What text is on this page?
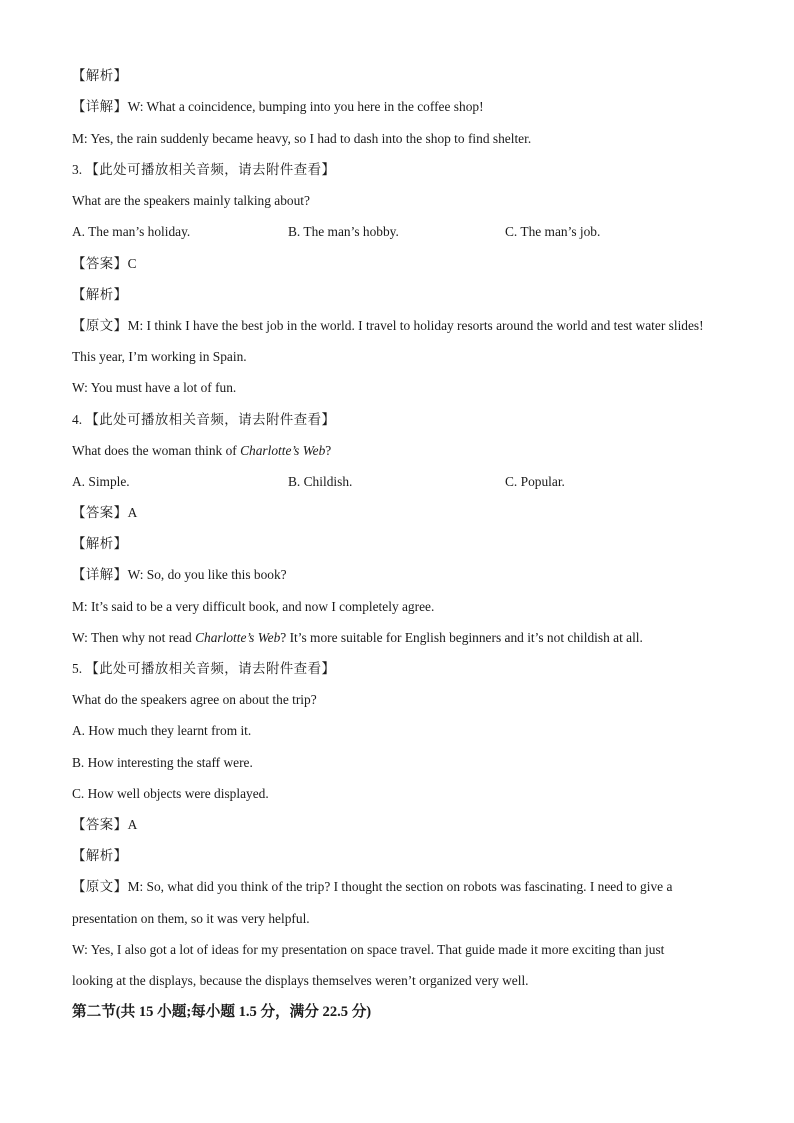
【解析】
【详解】W: What a coincidence, bumping into you here in the coffee shop!
M: Yes, the rain suddenly became heavy, so I had to dash into the shop to find shelter.
3. 【此处可播放相关音频，请去附件查看】
What are the speakers mainly talking about?
A. The man’s holiday.	B. The man’s hobby.	C. The man’s job.
【答案】C
【解析】
【原文】M: I think I have the best job in the world. I travel to holiday resorts around the world and test water slides!
This year, I’m working in Spain.
W: You must have a lot of fun.
4. 【此处可播放相关音频，请去附件查看】
What does the woman think of Charlotte’s Web?
A. Simple.	B. Childish.	C. Popular.
【答案】A
【解析】
【详解】W: So, do you like this book?
M: It’s said to be a very difficult book, and now I completely agree.
W: Then why not read Charlotte’s Web? It’s more suitable for English beginners and it’s not childish at all.
5. 【此处可播放相关音频，请去附件查看】
What do the speakers agree on about the trip?
A. How much they learnt from it.
B. How interesting the staff were.
C. How well objects were displayed.
【答案】A
【解析】
【原文】M: So, what did you think of the trip? I thought the section on robots was fascinating. I need to give a
presentation on them, so it was very helpful.
W: Yes, I also got a lot of ideas for my presentation on space travel. That guide made it more exciting than just
looking at the displays, because the displays themselves weren’t organized very well.
第二节(共 15 小题;每小题 1.5 分，满分 22.5 分)
